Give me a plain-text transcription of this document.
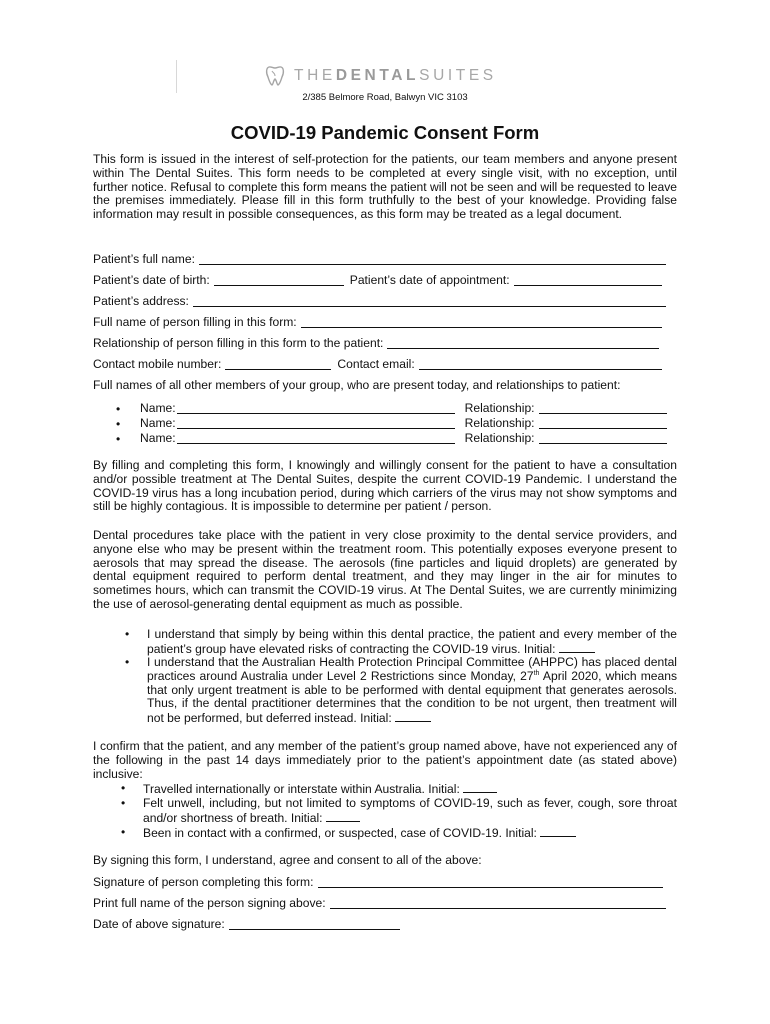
THEDENTALSUITES
2/385 Belmore Road, Balwyn VIC 3103
COVID-19 Pandemic Consent Form

This form is issued in the interest of self-protection for the patients, our team members and anyone present within The Dental Suites. This form needs to be completed at every single visit, with no exception, until further notice. Refusal to complete this form means the patient will not be seen and will be requested to leave the premises immediately. Please fill in this form truthfully to the best of your knowledge. Providing false information may result in possible consequences, as this form may be treated as a legal document.

Patient’s full name:
Patient’s date of birth:	Patient’s date of appointment:
Patient’s address:
Full name of person filling in this form:
Relationship of person filling in this form to the patient:
Contact mobile number:	Contact email:
Full names of all other members of your group, who are present today, and relationships to patient:
•	Name:	Relationship:
•	Name:	Relationship:
•	Name:	Relationship:

By filling and completing this form, I knowingly and willingly consent for the patient to have a consultation and/or possible treatment at The Dental Suites, despite the current COVID-19 Pandemic. I understand the COVID-19 virus has a long incubation period, during which carriers of the virus may not show symptoms and still be highly contagious. It is impossible to determine per patient / person.

Dental procedures take place with the patient in very close proximity to the dental service providers, and anyone else who may be present within the treatment room. This potentially exposes everyone present to aerosols that may spread the disease. The aerosols (fine particles and liquid droplets) are generated by dental equipment required to perform dental treatment, and they may linger in the air for minutes to sometimes hours, which can transmit the COVID-19 virus. At The Dental Suites, we are currently minimizing the use of aerosol-generating dental equipment as much as possible.

• I understand that simply by being within this dental practice, the patient and every member of the patient’s group have elevated risks of contracting the COVID-19 virus. Initial:

• I understand that the Australian Health Protection Principal Committee (AHPPC) has placed dental practices around Australia under Level 2 Restrictions since Monday, 27th April 2020, which means that only urgent treatment is able to be performed with dental equipment that generates aerosols. Thus, if the dental practitioner determines that the condition to be not urgent, then treatment will not be performed, but deferred instead. Initial:

I confirm that the patient, and any member of the patient’s group named above, have not experienced any of the following in the past 14 days immediately prior to the patient’s appointment date (as stated above) inclusive:

• Travelled internationally or interstate within Australia. Initial:

• Felt unwell, including, but not limited to symptoms of COVID-19, such as fever, cough, sore throat and/or shortness of breath. Initial:

• Been in contact with a confirmed, or suspected, case of COVID-19. Initial:

By signing this form, I understand, agree and consent to all of the above:
Signature of person completing this form:
Print full name of the person signing above:
Date of above signature:
